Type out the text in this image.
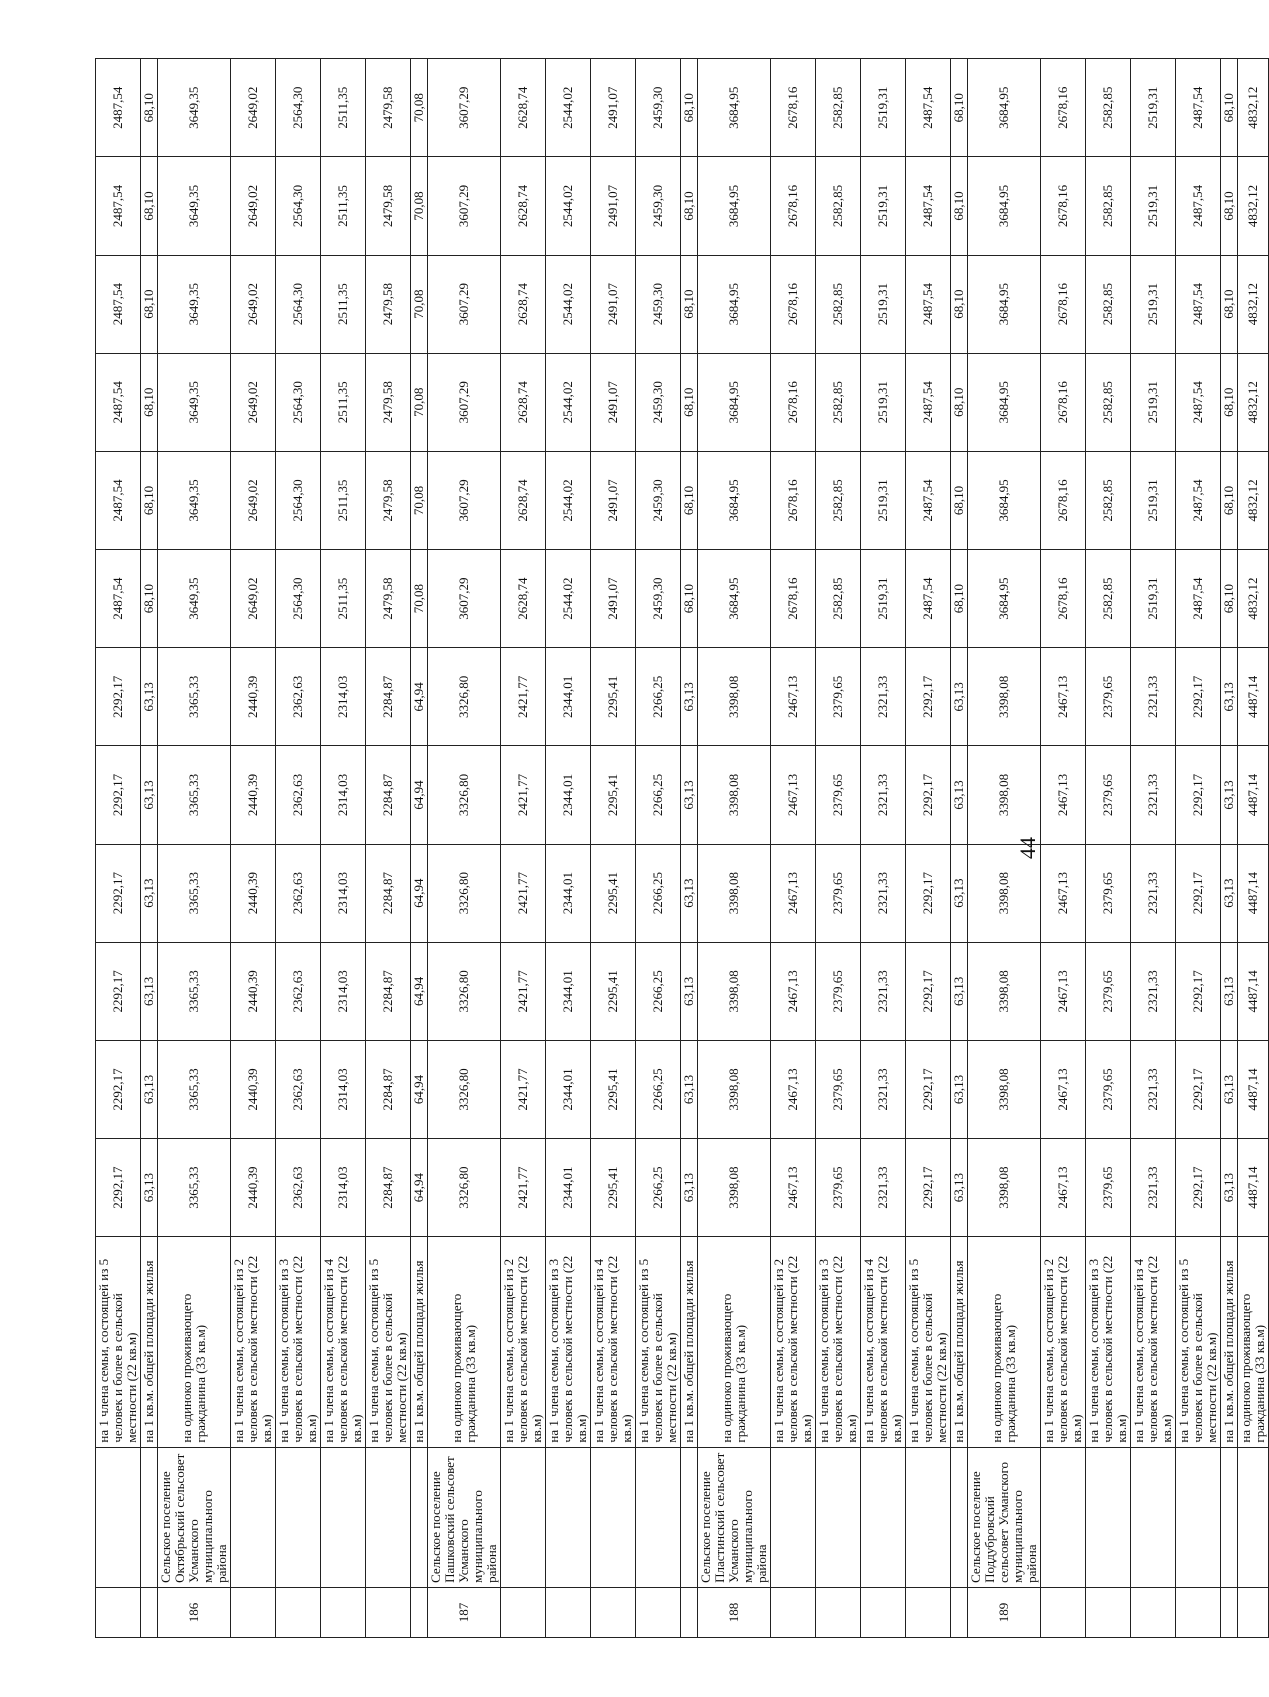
		на 1 члена семьи, состоящей из 5 человек и более в сельской местности (22 кв.м)	2292,17	2292,17	2292,17	2292,17	2292,17	2292,17	2487,54	2487,54	2487,54	2487,54	2487,54	2487,54
		на 1 кв.м. общей площади жилья	63,13	63,13	63,13	63,13	63,13	63,13	68,10	68,10	68,10	68,10	68,10	68,10
186	Сельское поселение Октябрьский сельсовет Усманского муниципального района	на одиноко проживающего гражданина (33 кв.м)	3365,33	3365,33	3365,33	3365,33	3365,33	3365,33	3649,35	3649,35	3649,35	3649,35	3649,35	3649,35
		на 1 члена семьи, состоящей из 2 человек в сельской местности (22 кв.м)	2440,39	2440,39	2440,39	2440,39	2440,39	2440,39	2649,02	2649,02	2649,02	2649,02	2649,02	2649,02
		на 1 члена семьи, состоящей из 3 человек в сельской местности (22 кв.м)	2362,63	2362,63	2362,63	2362,63	2362,63	2362,63	2564,30	2564,30	2564,30	2564,30	2564,30	2564,30
		на 1 члена семьи, состоящей из 4 человек в сельской местности (22 кв.м)	2314,03	2314,03	2314,03	2314,03	2314,03	2314,03	2511,35	2511,35	2511,35	2511,35	2511,35	2511,35
		на 1 члена семьи, состоящей из 5 человек и более в сельской местности (22 кв.м)	2284,87	2284,87	2284,87	2284,87	2284,87	2284,87	2479,58	2479,58	2479,58	2479,58	2479,58	2479,58
		на 1 кв.м. общей площади жилья	64,94	64,94	64,94	64,94	64,94	64,94	70,08	70,08	70,08	70,08	70,08	70,08
187	Сельское поселение Пашковский сельсовет Усманского муниципального района	на одиноко проживающего гражданина (33 кв.м)	3326,80	3326,80	3326,80	3326,80	3326,80	3326,80	3607,29	3607,29	3607,29	3607,29	3607,29	3607,29
		на 1 члена семьи, состоящей из 2 человек в сельской местности (22 кв.м)	2421,77	2421,77	2421,77	2421,77	2421,77	2421,77	2628,74	2628,74	2628,74	2628,74	2628,74	2628,74
		на 1 члена семьи, состоящей из 3 человек в сельской местности (22 кв.м)	2344,01	2344,01	2344,01	2344,01	2344,01	2344,01	2544,02	2544,02	2544,02	2544,02	2544,02	2544,02
		на 1 члена семьи, состоящей из 4 человек в сельской местности (22 кв.м)	2295,41	2295,41	2295,41	2295,41	2295,41	2295,41	2491,07	2491,07	2491,07	2491,07	2491,07	2491,07
		на 1 члена семьи, состоящей из 5 человек и более в сельской местности (22 кв.м)	2266,25	2266,25	2266,25	2266,25	2266,25	2266,25	2459,30	2459,30	2459,30	2459,30	2459,30	2459,30
		на 1 кв.м. общей площади жилья	63,13	63,13	63,13	63,13	63,13	63,13	68,10	68,10	68,10	68,10	68,10	68,10
188	Сельское поселение Пластинский сельсовет Усманского муниципального района	на одиноко проживающего гражданина (33 кв.м)	3398,08	3398,08	3398,08	3398,08	3398,08	3398,08	3684,95	3684,95	3684,95	3684,95	3684,95	3684,95
		на 1 члена семьи, состоящей из 2 человек в сельской местности (22 кв.м)	2467,13	2467,13	2467,13	2467,13	2467,13	2467,13	2678,16	2678,16	2678,16	2678,16	2678,16	2678,16
		на 1 члена семьи, состоящей из 3 человек в сельской местности (22 кв.м)	2379,65	2379,65	2379,65	2379,65	2379,65	2379,65	2582,85	2582,85	2582,85	2582,85	2582,85	2582,85
		на 1 члена семьи, состоящей из 4 человек в сельской местности (22 кв.м)	2321,33	2321,33	2321,33	2321,33	2321,33	2321,33	2519,31	2519,31	2519,31	2519,31	2519,31	2519,31
		на 1 члена семьи, состоящей из 5 человек и более в сельской местности (22 кв.м)	2292,17	2292,17	2292,17	2292,17	2292,17	2292,17	2487,54	2487,54	2487,54	2487,54	2487,54	2487,54
		на 1 кв.м. общей площади жилья	63,13	63,13	63,13	63,13	63,13	63,13	68,10	68,10	68,10	68,10	68,10	68,10
189	Сельское поселение Поддубровский сельсовет Усманского муниципального района	на одиноко проживающего гражданина (33 кв.м)	3398,08	3398,08	3398,08	3398,08	3398,08	3398,08	3684,95	3684,95	3684,95	3684,95	3684,95	3684,95
		на 1 члена семьи, состоящей из 2 человек в сельской местности (22 кв.м)	2467,13	2467,13	2467,13	2467,13	2467,13	2467,13	2678,16	2678,16	2678,16	2678,16	2678,16	2678,16
		на 1 члена семьи, состоящей из 3 человек в сельской местности (22 кв.м)	2379,65	2379,65	2379,65	2379,65	2379,65	2379,65	2582,85	2582,85	2582,85	2582,85	2582,85	2582,85
		на 1 члена семьи, состоящей из 4 человек в сельской местности (22 кв.м)	2321,33	2321,33	2321,33	2321,33	2321,33	2321,33	2519,31	2519,31	2519,31	2519,31	2519,31	2519,31
		на 1 члена семьи, состоящей из 5 человек и более в сельской местности (22 кв.м)	2292,17	2292,17	2292,17	2292,17	2292,17	2292,17	2487,54	2487,54	2487,54	2487,54	2487,54	2487,54
		на 1 кв.м. общей площади жилья	63,13	63,13	63,13	63,13	63,13	63,13	68,10	68,10	68,10	68,10	68,10	68,10
		на одиноко проживающего гражданина (33 кв.м)	4487,14	4487,14	4487,14	4487,14	4487,14	4487,14	4832,12	4832,12	4832,12	4832,12	4832,12	4832,12
44
